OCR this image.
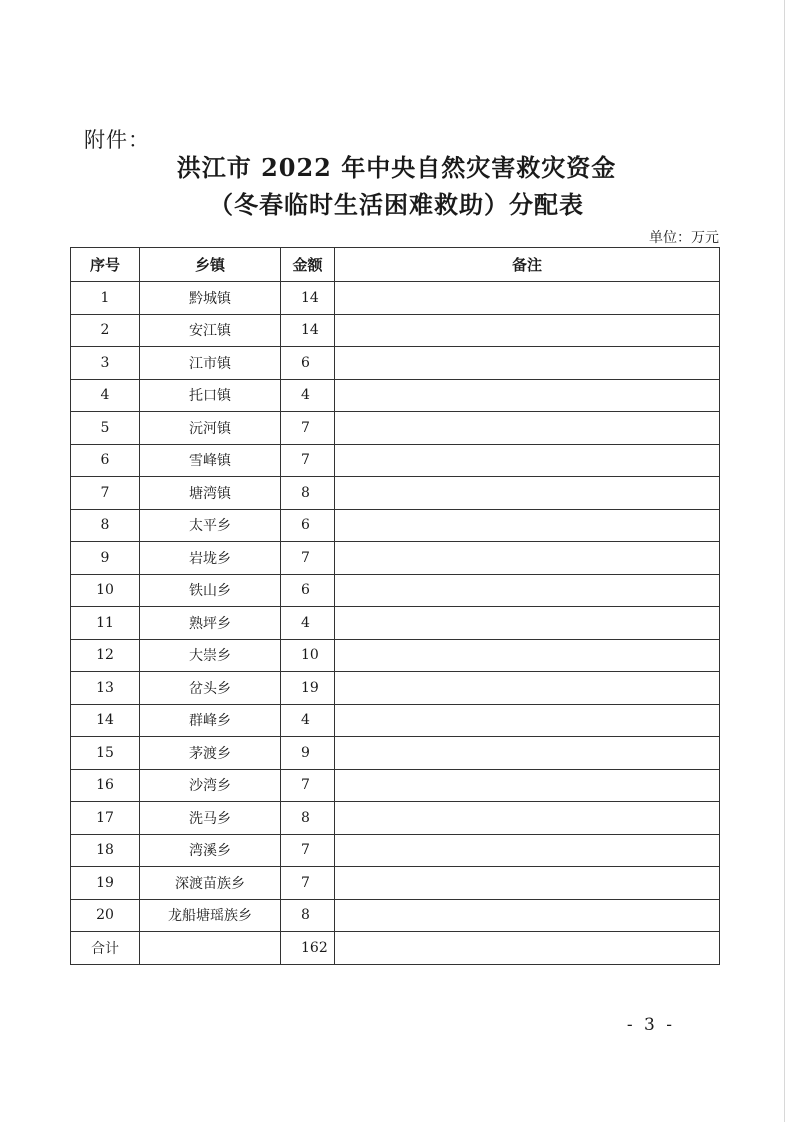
附件：
洪江市 2022 年中央自然灾害救灾资金
（冬春临时生活困难救助）分配表
单位：万元
序号	乡镇	金额	备注
1	黔城镇	14	
2	安江镇	14	
3	江市镇	6	
4	托口镇	4	
5	沅河镇	7	
6	雪峰镇	7	
7	塘湾镇	8	
8	太平乡	6	
9	岩垅乡	7	
10	铁山乡	6	
11	熟坪乡	4	
12	大崇乡	10	
13	岔头乡	19	
14	群峰乡	4	
15	茅渡乡	9	
16	沙湾乡	7	
17	洗马乡	8	
18	湾溪乡	7	
19	深渡苗族乡	7	
20	龙船塘瑶族乡	8	
合计		162	
- 3 -
